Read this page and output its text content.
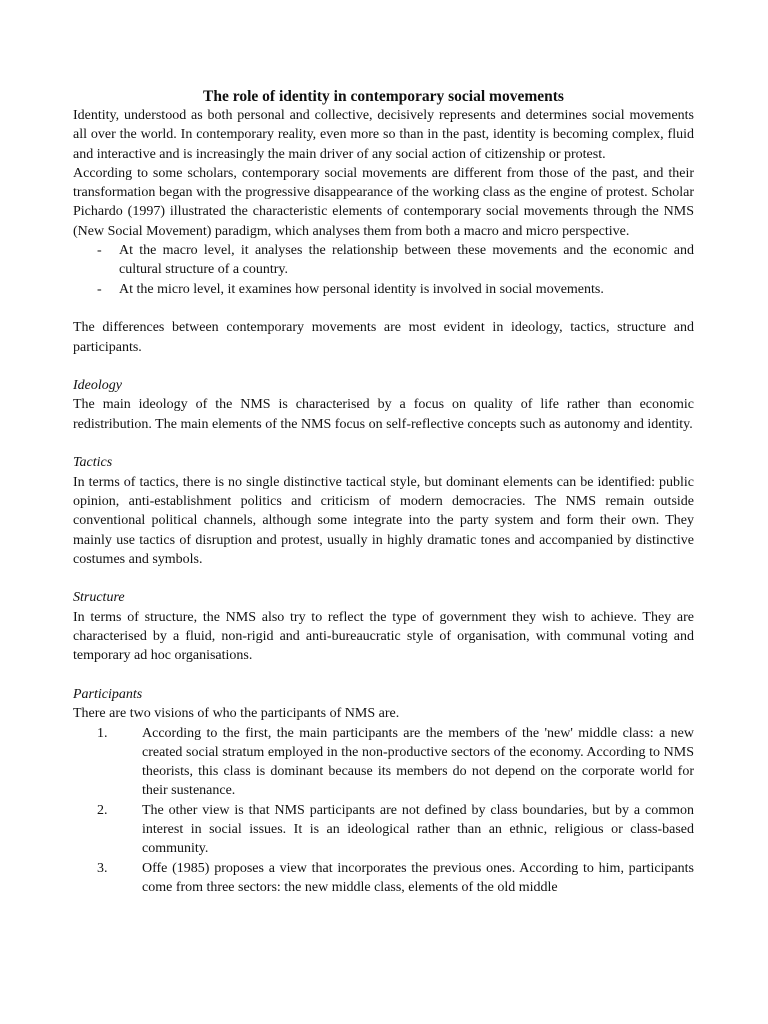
The role of identity in contemporary social movements

Identity, understood as both personal and collective, decisively represents and determines social movements all over the world. In contemporary reality, even more so than in the past, identity is becoming complex, fluid and interactive and is increasingly the main driver of any social action of citizenship or protest.

According to some scholars, contemporary social movements are different from those of the past, and their transformation began with the progressive disappearance of the working class as the engine of protest. Scholar Pichardo (1997) illustrated the characteristic elements of contemporary social movements through the NMS (New Social Movement) paradigm, which analyses them from both a macro and micro perspective.

- At the macro level, it analyses the relationship between these movements and the economic and cultural structure of a country.
- At the micro level, it examines how personal identity is involved in social movements.

The differences between contemporary movements are most evident in ideology, tactics, structure and participants.

Ideology

The main ideology of the NMS is characterised by a focus on quality of life rather than economic redistribution. The main elements of the NMS focus on self-reflective concepts such as autonomy and identity.

Tactics

In terms of tactics, there is no single distinctive tactical style, but dominant elements can be identified: public opinion, anti-establishment politics and criticism of modern democracies. The NMS remain outside conventional political channels, although some integrate into the party system and form their own. They mainly use tactics of disruption and protest, usually in highly dramatic tones and accompanied by distinctive costumes and symbols.

Structure

In terms of structure, the NMS also try to reflect the type of government they wish to achieve. They are characterised by a fluid, non-rigid and anti-bureaucratic style of organisation, with communal voting and temporary ad hoc organisations.

Participants

There are two visions of who the participants of NMS are.

1. According to the first, the main participants are the members of the 'new' middle class: a new created social stratum employed in the non-productive sectors of the economy. According to NMS theorists, this class is dominant because its members do not depend on the corporate world for their sustenance.
2. The other view is that NMS participants are not defined by class boundaries, but by a common interest in social issues. It is an ideological rather than an ethnic, religious or class-based community.
3. Offe (1985) proposes a view that incorporates the previous ones. According to him, participants come from three sectors: the new middle class, elements of the old middle
